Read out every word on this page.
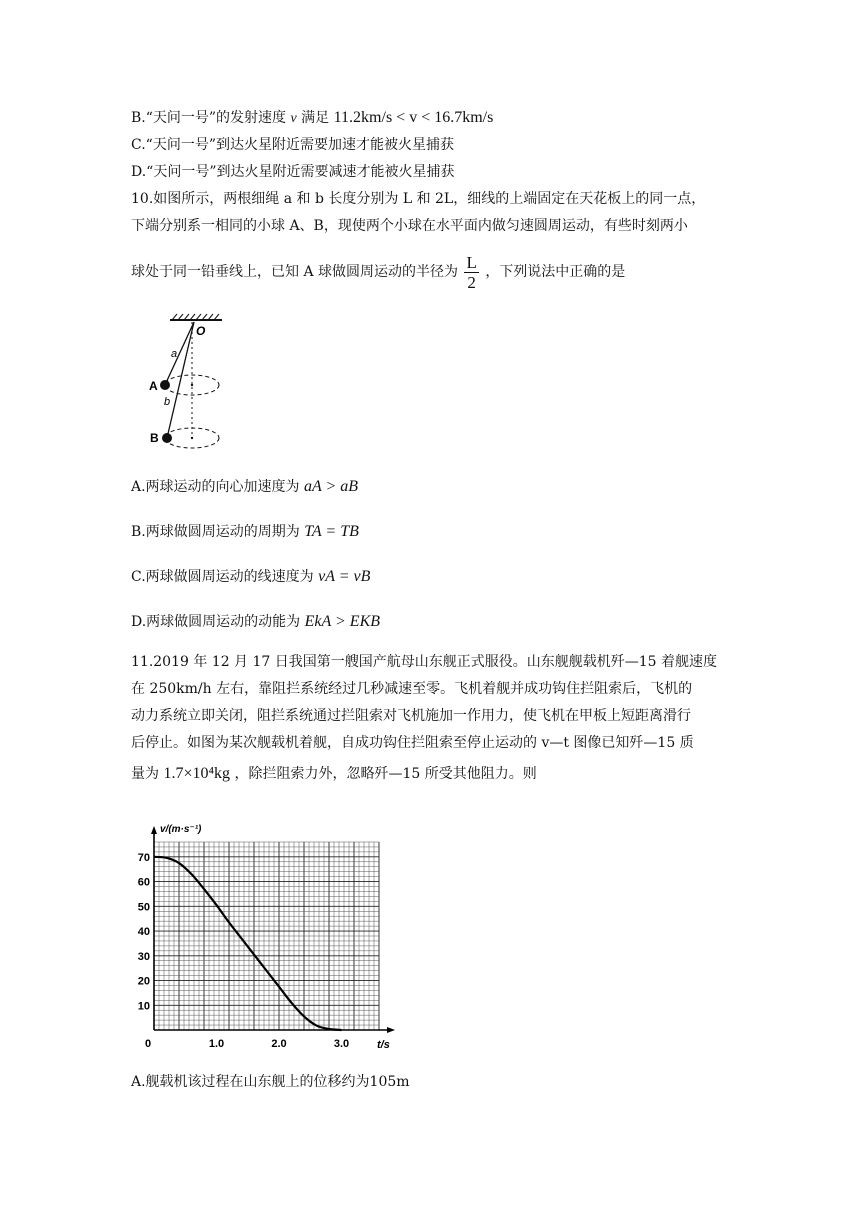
B.“天问一号”的发射速度 v 满足 11.2km/s < v < 16.7km/s
C.“天问一号”到达火星附近需要加速才能被火星捕获
D.“天问一号”到达火星附近需要减速才能被火星捕获
10.如图所示，两根细绳 a 和 b 长度分别为 L 和 2L，细线的上端固定在天花板上的同一点，
下端分别系一相同的小球 A、B，现使两个小球在水平面内做匀速圆周运动，有些时刻两小
球处于同一铅垂线上，已知 A 球做圆周运动的半径为 $\frac{L}{2}$ ，下列说法中正确的是
O
a
b
A
B
A.两球运动的向心加速度为 aA > aB
B.两球做圆周运动的周期为 TA = TB
C.两球做圆周运动的线速度为 vA = vB
D.两球做圆周运动的动能为 EkA > EKB
11.2019 年 12 月 17 日我国第一艘国产航母山东舰正式服役。山东舰舰载机歼—15 着舰速度
在 250km/h 左右，靠阻拦系统经过几秒减速至零。飞机着舰并成功钩住拦阻索后，飞机的
动力系统立即关闭，阻拦系统通过拦阻索对飞机施加一作用力，使飞机在甲板上短距离滑行
后停止。如图为某次舰载机着舰，自成功钩住拦阻索至停止运动的 v—t 图像已知歼—15 质
量为 1.7×10⁴kg ，除拦阻索力外，忽略歼—15 所受其他阻力。则
0	1.0	2.0	3.0
10
20
30
40
50
60
70
v/(m·s⁻¹)
t/s
A.舰载机该过程在山东舰上的位移约为105m
